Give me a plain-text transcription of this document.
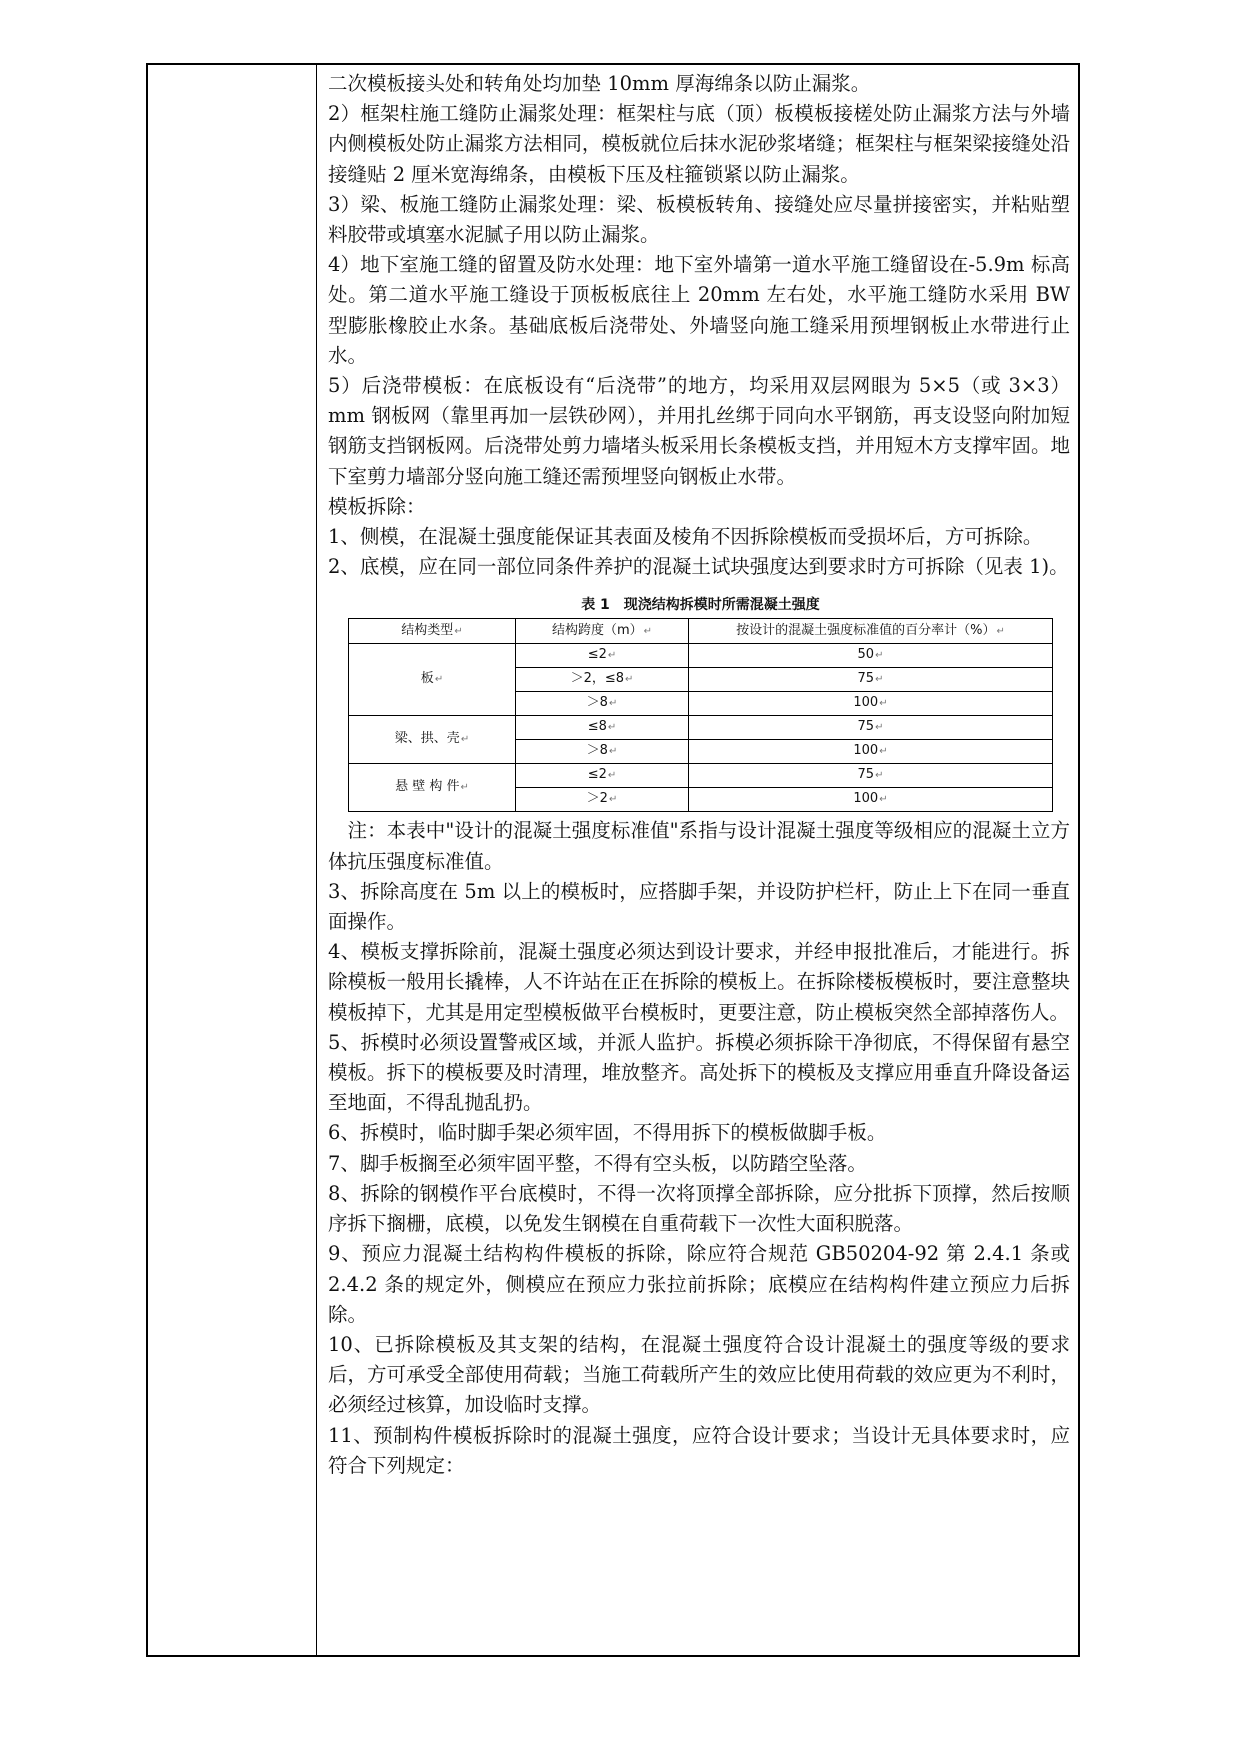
二次模板接头处和转角处均加垫 10mm 厚海绵条以防止漏浆。

2）框架柱施工缝防止漏浆处理：框架柱与底（顶）板模板接槎处防止漏浆方法与外墙内侧模板处防止漏浆方法相同，模板就位后抹水泥砂浆堵缝；框架柱与框架梁接缝处沿接缝贴 2 厘米宽海绵条，由模板下压及柱箍锁紧以防止漏浆。

3）梁、板施工缝防止漏浆处理：梁、板模板转角、接缝处应尽量拼接密实，并粘贴塑料胶带或填塞水泥腻子用以防止漏浆。

4）地下室施工缝的留置及防水处理：地下室外墙第一道水平施工缝留设在-5.9m 标高处。第二道水平施工缝设于顶板板底往上 20mm 左右处，水平施工缝防水采用 BW 型膨胀橡胶止水条。基础底板后浇带处、外墙竖向施工缝采用预埋钢板止水带进行止水。

5）后浇带模板：在底板设有“后浇带”的地方，均采用双层网眼为 5×5（或 3×3）mm 钢板网（靠里再加一层铁砂网），并用扎丝绑于同向水平钢筋，再支设竖向附加短钢筋支挡钢板网。后浇带处剪力墙堵头板采用长条模板支挡，并用短木方支撑牢固。地下室剪力墙部分竖向施工缝还需预埋竖向钢板止水带。

模板拆除：

1、侧模，在混凝土强度能保证其表面及棱角不因拆除模板而受损坏后，方可拆除。

2、底模，应在同一部位同条件养护的混凝土试块强度达到要求时方可拆除（见表 1)。

表 1　现浇结构拆模时所需混凝土强度
结构类型↵	结构跨度（m）↵	按设计的混凝土强度标准值的百分率计（%）↵
板↵	≤2↵	50↵
	＞2，≤8↵	75↵
	＞8↵	100↵
梁、拱、壳↵	≤8↵	75↵
	＞8↵	100↵
悬 壁 构 件↵	≤2↵	75↵
	＞2↵	100↵

注：本表中"设计的混凝土强度标准值"系指与设计混凝土强度等级相应的混凝土立方体抗压强度标准值。

3、拆除高度在 5m 以上的模板时，应搭脚手架，并设防护栏杆，防止上下在同一垂直面操作。

4、模板支撑拆除前，混凝土强度必须达到设计要求，并经申报批准后，才能进行。拆除模板一般用长撬棒，人不许站在正在拆除的模板上。在拆除楼板模板时，要注意整块模板掉下，尤其是用定型模板做平台模板时，更要注意，防止模板突然全部掉落伤人。

5、拆模时必须设置警戒区域，并派人监护。拆模必须拆除干净彻底，不得保留有悬空模板。拆下的模板要及时清理，堆放整齐。高处拆下的模板及支撑应用垂直升降设备运至地面，不得乱抛乱扔。

6、拆模时，临时脚手架必须牢固，不得用拆下的模板做脚手板。

7、脚手板搁至必须牢固平整，不得有空头板，以防踏空坠落。

8、拆除的钢模作平台底模时，不得一次将顶撑全部拆除，应分批拆下顶撑，然后按顺序拆下搁栅，底模，以免发生钢模在自重荷载下一次性大面积脱落。

9、预应力混凝土结构构件模板的拆除，除应符合规范 GB50204-92 第 2.4.1 条或 2.4.2 条的规定外，侧模应在预应力张拉前拆除；底模应在结构构件建立预应力后拆除。

10、已拆除模板及其支架的结构，在混凝土强度符合设计混凝土的强度等级的要求后，方可承受全部使用荷载；当施工荷载所产生的效应比使用荷载的效应更为不利时，必须经过核算，加设临时支撑。

11、预制构件模板拆除时的混凝土强度，应符合设计要求；当设计无具体要求时，应符合下列规定：
